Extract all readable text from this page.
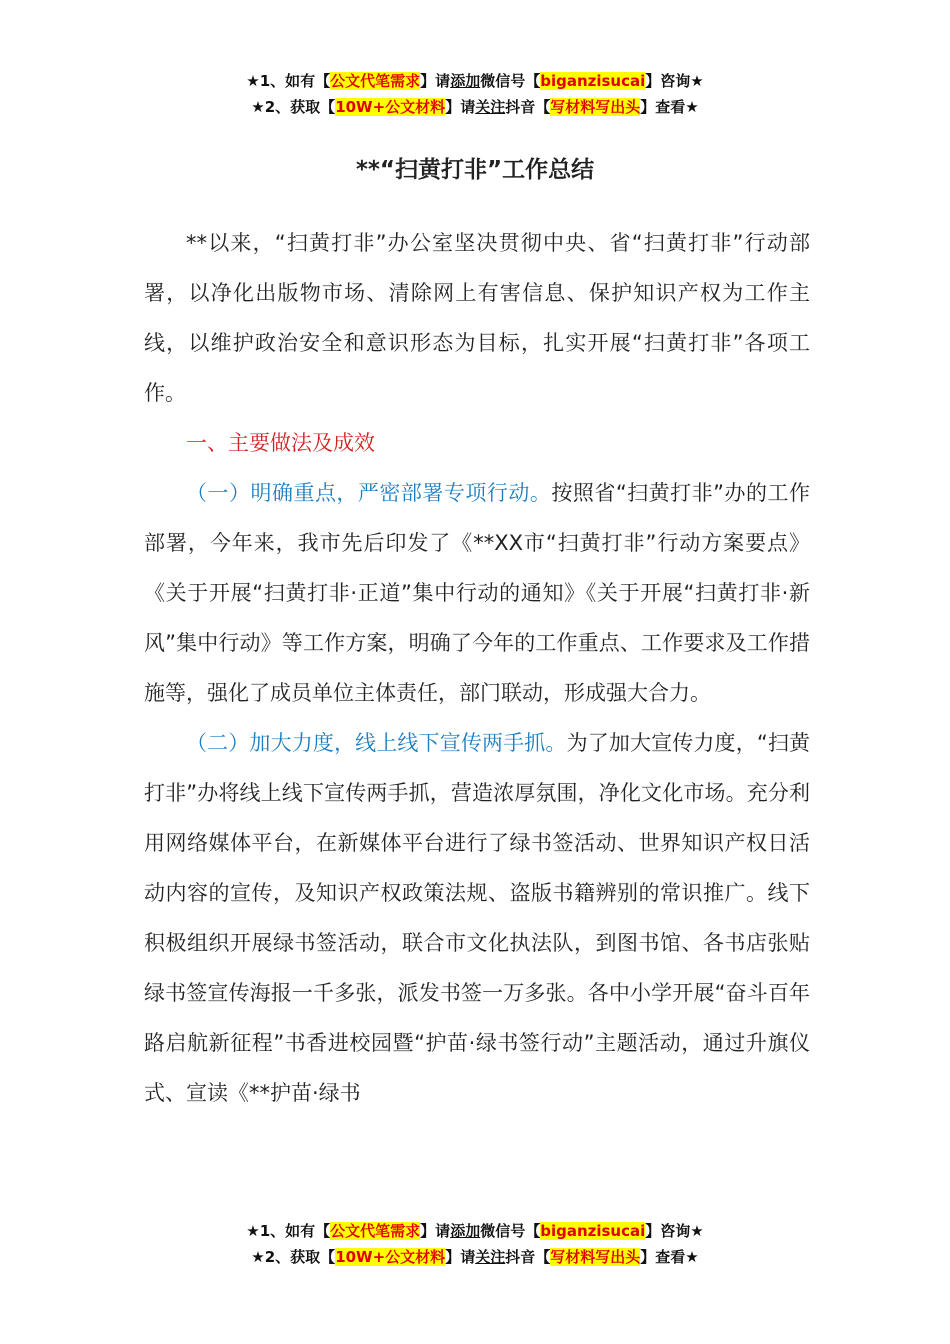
★1、如有【公文代笔需求】请添加微信号【biganzisucai】咨询★
★2、获取【10W+公文材料】请关注抖音【写材料写出头】查看★
**“扫黄打非”工作总结

**以来，“扫黄打非”办公室坚决贯彻中央、省“扫黄打非”行动部署，以净化出版物市场、清除网上有害信息、保护知识产权为工作主线，以维护政治安全和意识形态为目标，扎实开展“扫黄打非”各项工作。

一、主要做法及成效

（一）明确重点，严密部署专项行动。按照省“扫黄打非”办的工作部署，今年来，我市先后印发了《**XX市“扫黄打非”行动方案要点》《关于开展“扫黄打非·正道”集中行动的通知》《关于开展“扫黄打非·新风”集中行动》等工作方案，明确了今年的工作重点、工作要求及工作措施等，强化了成员单位主体责任，部门联动，形成强大合力。

（二）加大力度，线上线下宣传两手抓。为了加大宣传力度，“扫黄打非”办将线上线下宣传两手抓，营造浓厚氛围，净化文化市场。充分利用网络媒体平台，在新媒体平台进行了绿书签活动、世界知识产权日活动内容的宣传，及知识产权政策法规、盗版书籍辨别的常识推广。线下积极组织开展绿书签活动，联合市文化执法队，到图书馆、各书店张贴绿书签宣传海报一千多张，派发书签一万多张。各中小学开展“奋斗百年路启航新征程”书香进校园暨“护苗·绿书签行动”主题活动，通过升旗仪式、宣读《**护苗·绿书

★1、如有【公文代笔需求】请添加微信号【biganzisucai】咨询★
★2、获取【10W+公文材料】请关注抖音【写材料写出头】查看★
